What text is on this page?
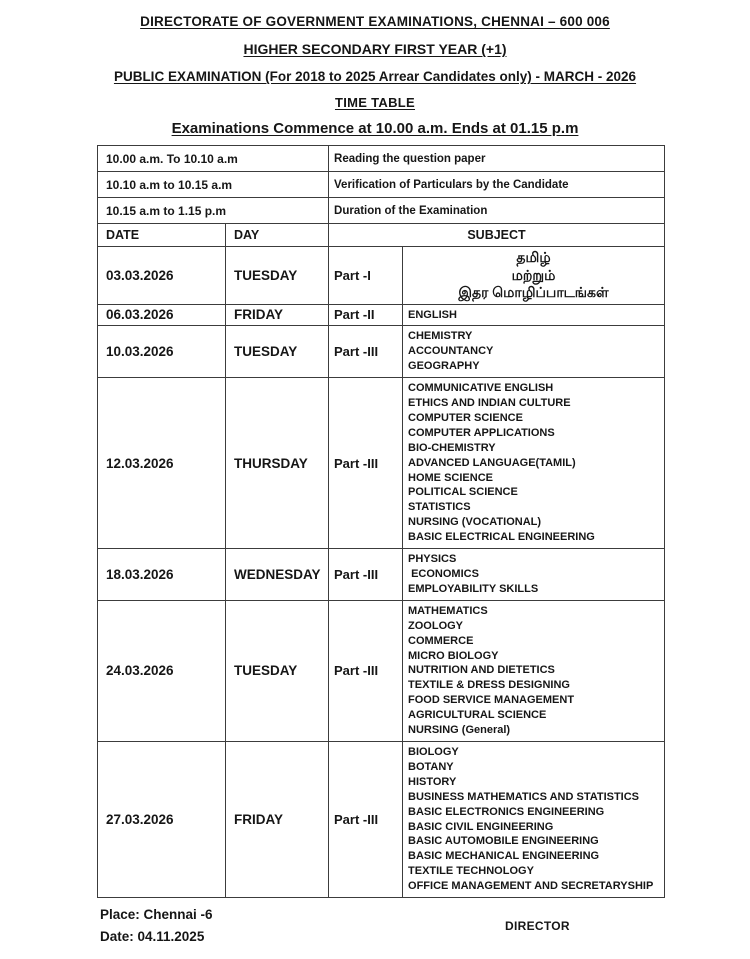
DIRECTORATE OF GOVERNMENT EXAMINATIONS, CHENNAI – 600 006
HIGHER SECONDARY FIRST YEAR (+1)
PUBLIC EXAMINATION (For 2018 to 2025 Arrear Candidates only) - MARCH - 2026
TIME TABLE
Examinations Commence at 10.00 a.m. Ends at 01.15 p.m
10.00 a.m. To 10.10 a.m		Reading the question paper	
10.10 a.m to 10.15 a.m		Verification of Particulars by the Candidate	
10.15 a.m to 1.15 p.m		Duration of the Examination	
DATE	DAY	SUBJECT	
03.03.2026	TUESDAY	Part -I	தமிழ்
மற்றும்
இதர மொழிப்பாடங்கள்

06.03.2026	FRIDAY	Part -II	ENGLISH

10.03.2026	TUESDAY	Part -III	CHEMISTRY
ACCOUNTANCY
GEOGRAPHY

12.03.2026	THURSDAY	Part -III	
COMMUNICATIVE ENGLISH
ETHICS AND INDIAN CULTURE
COMPUTER SCIENCE
COMPUTER APPLICATIONS
BIO-CHEMISTRY
ADVANCED LANGUAGE(TAMIL)
HOME SCIENCE
POLITICAL SCIENCE
STATISTICS
NURSING (VOCATIONAL)
BASIC ELECTRICAL ENGINEERING

18.03.2026	WEDNESDAY	Part -III	PHYSICS
ECONOMICS
EMPLOYABILITY SKILLS

24.03.2026	TUESDAY	Part -III	
MATHEMATICS
ZOOLOGY
COMMERCE
MICRO BIOLOGY
NUTRITION AND DIETETICS
TEXTILE & DRESS DESIGNING
FOOD SERVICE MANAGEMENT
AGRICULTURAL SCIENCE
NURSING (General)

27.03.2026	FRIDAY	Part -III	
BIOLOGY
BOTANY
HISTORY
BUSINESS MATHEMATICS AND STATISTICS
BASIC ELECTRONICS ENGINEERING
BASIC CIVIL ENGINEERING
BASIC AUTOMOBILE ENGINEERING
BASIC MECHANICAL ENGINEERING
TEXTILE TECHNOLOGY
OFFICE MANAGEMENT AND SECRETARYSHIP
Place: Chennai -6
Date: 04.11.2025
DIRECTOR
